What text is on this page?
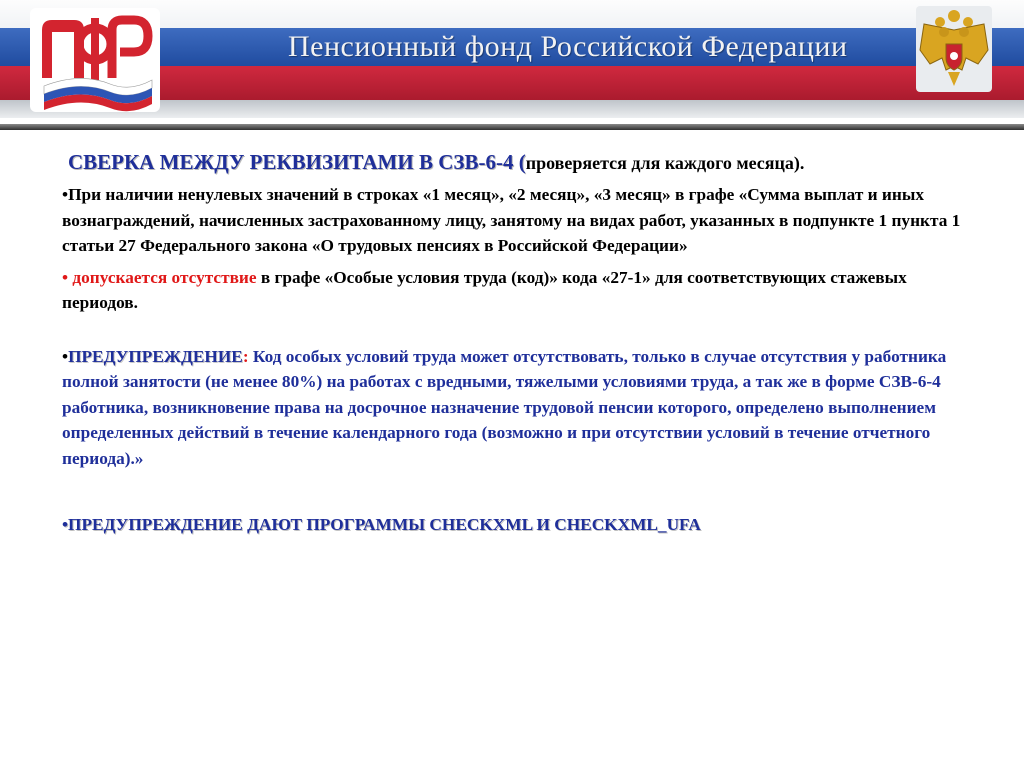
Пенсионный фонд Российской Федерации
СВЕРКА МЕЖДУ РЕКВИЗИТАМИ В СЗВ-6-4 (проверяется для каждого месяца).

•При наличии ненулевых значений в строках «1 месяц», «2 месяц», «3 месяц» в графе «Сумма выплат и иных вознаграждений, начисленных застрахованному лицу, занятому на видах работ, указанных в подпункте 1 пункта 1 статьи 27 Федерального закона «О трудовых пенсиях в Российской Федерации»

• допускается отсутствие в графе «Особые условия труда (код)» кода «27-1» для соответствующих стажевых периодов.

•ПРЕДУПРЕЖДЕНИЕ: Код особых условий труда может отсутствовать, только в случае отсутствия у работника полной занятости (не менее 80%) на работах с вредными, тяжелыми условиями труда, а так же в форме СЗВ-6-4 работника, возникновение права на досрочное назначение трудовой пенсии которого, определено выполнением определенных действий в течение календарного года (возможно и при отсутствии условий в течение отчетного периода).»

•ПРЕДУПРЕЖДЕНИЕ ДАЮТ ПРОГРАММЫ CHECKXML И CHECKXML_UFA
